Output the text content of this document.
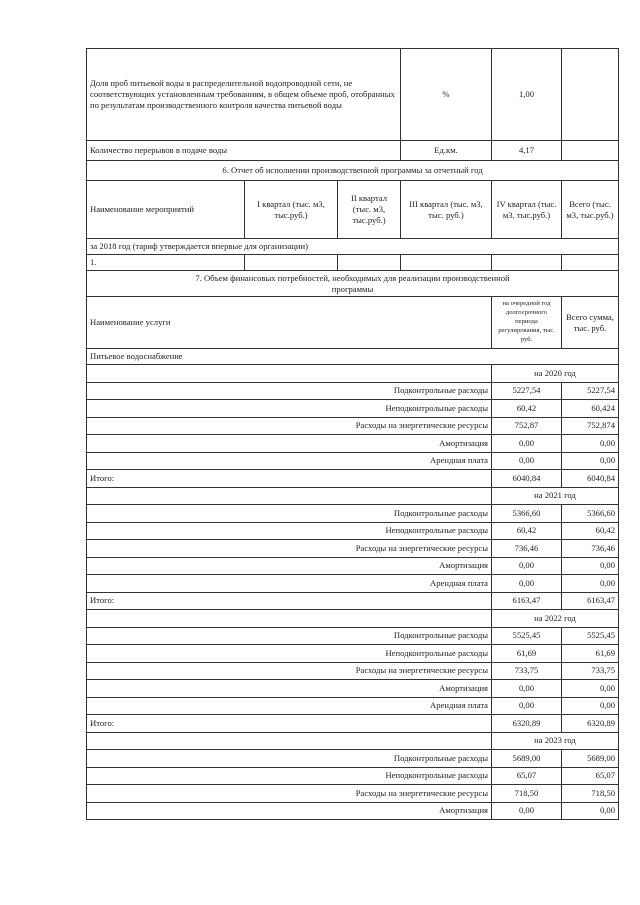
Доля проб питьевой воды в распределительной водопроводной сети, не соответствующих установленным требованиям, в общем объеме проб, отобранных по результатам производственного контроля качества питьевой воды			%	1,00	
Количество перерывов в подаче воды			Ед.км.	4,17	
6. Отчет об исполнении производственной программы за отчетный год					
Наименование мероприятий	I квартал (тыс. м3, тыс.руб.)	II квартал (тыс. м3, тыс.руб.)	III квартал (тыс. м3, тыс. руб.)	IV квартал (тыс. м3, тыс.руб.)	Всего (тыс. м3, тыс.руб.)
за 2018 год (тариф утверждается впервые для организации)					
1.					
7. Объем финансовых потребностей, необходимых для реализации производственной
программы					
Наименование услуги				на очередной год долгосрочного периода регулирования, тыс. руб.	Всего сумма, тыс. руб.
Питьевое водоснабжение					
				на 2020 год	
Подконтрольные расходы				5227,54	5227,54
Неподконтрольные расходы				60,42	60,424
Расходы на энергетические ресурсы				752,87	752,874
Амортизация				0,00	0,00
Арендная плата				0,00	0,00
Итого:				6040,84	6040,84
				на 2021 год	
Подконтрольные расходы				5366,60	5366,60
Неподконтрольные расходы				60,42	60,42
Расходы на энергетические ресурсы				736,46	736,46
Амортизация				0,00	0,00
Арендная плата				0,00	0,00
Итого:				6163,47	6163,47
				на 2022 год	
Подконтрольные расходы				5525,45	5525,45
Неподконтрольные расходы				61,69	61,69
Расходы на энергетические ресурсы				733,75	733,75
Амортизация				0,00	0,00
Арендная плата				0,00	0,00
Итого:				6320,89	6320,89
				на 2023 год	
Подконтрольные расходы				5689,00	5689,00
Неподконтрольные расходы				65,07	65,07
Расходы на энергетические ресурсы				718,50	718,50
Амортизация				0,00	0,00
